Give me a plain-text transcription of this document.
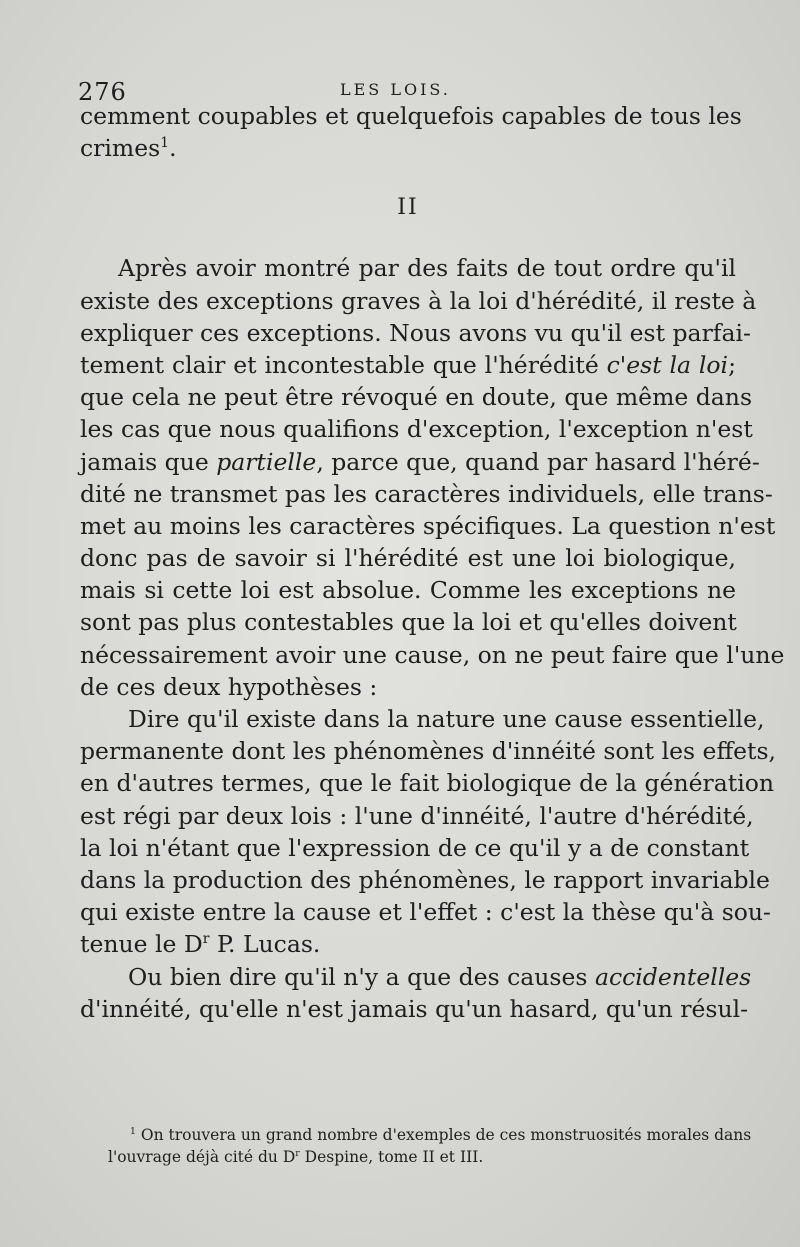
276	LES LOIS.
cemment coupables et quelquefois capables de tous les
crimes$^1$.
II
Après avoir montré par des faits de tout ordre qu'il
existe des exceptions graves à la loi d'hérédité, il reste à
expliquer ces exceptions. Nous avons vu qu'il est parfai-
tement clair et incontestable que l'hérédité c'est la loi;
que cela ne peut être révoqué en doute, que même dans
les cas que nous qualifions d'exception, l'exception n'est
jamais que partielle, parce que, quand par hasard l'héré-
dité ne transmet pas les caractères individuels, elle trans-
met au moins les caractères spécifiques. La question n'est
donc pas de savoir si l'hérédité est une loi biologique,
mais si cette loi est absolue. Comme les exceptions ne
sont pas plus contestables que la loi et qu'elles doivent
nécessairement avoir une cause, on ne peut faire que l'une
de ces deux hypothèses :
Dire qu'il existe dans la nature une cause essentielle,
permanente dont les phénomènes d'innéité sont les effets,
en d'autres termes, que le fait biologique de la génération
est régi par deux lois : l'une d'innéité, l'autre d'hérédité,
la loi n'étant que l'expression de ce qu'il y a de constant
dans la production des phénomènes, le rapport invariable
qui existe entre la cause et l'effet : c'est la thèse qu'à sou-
tenue le $D^r$ P. Lucas.
Ou bien dire qu'il n'y a que des causes accidentelles
d'innéité, qu'elle n'est jamais qu'un hasard, qu'un résul-
$^1$ On trouvera un grand nombre d'exemples de ces monstruosités morales dans
l'ouvrage déjà cité du $D^r$ Despine, tome II et III.
